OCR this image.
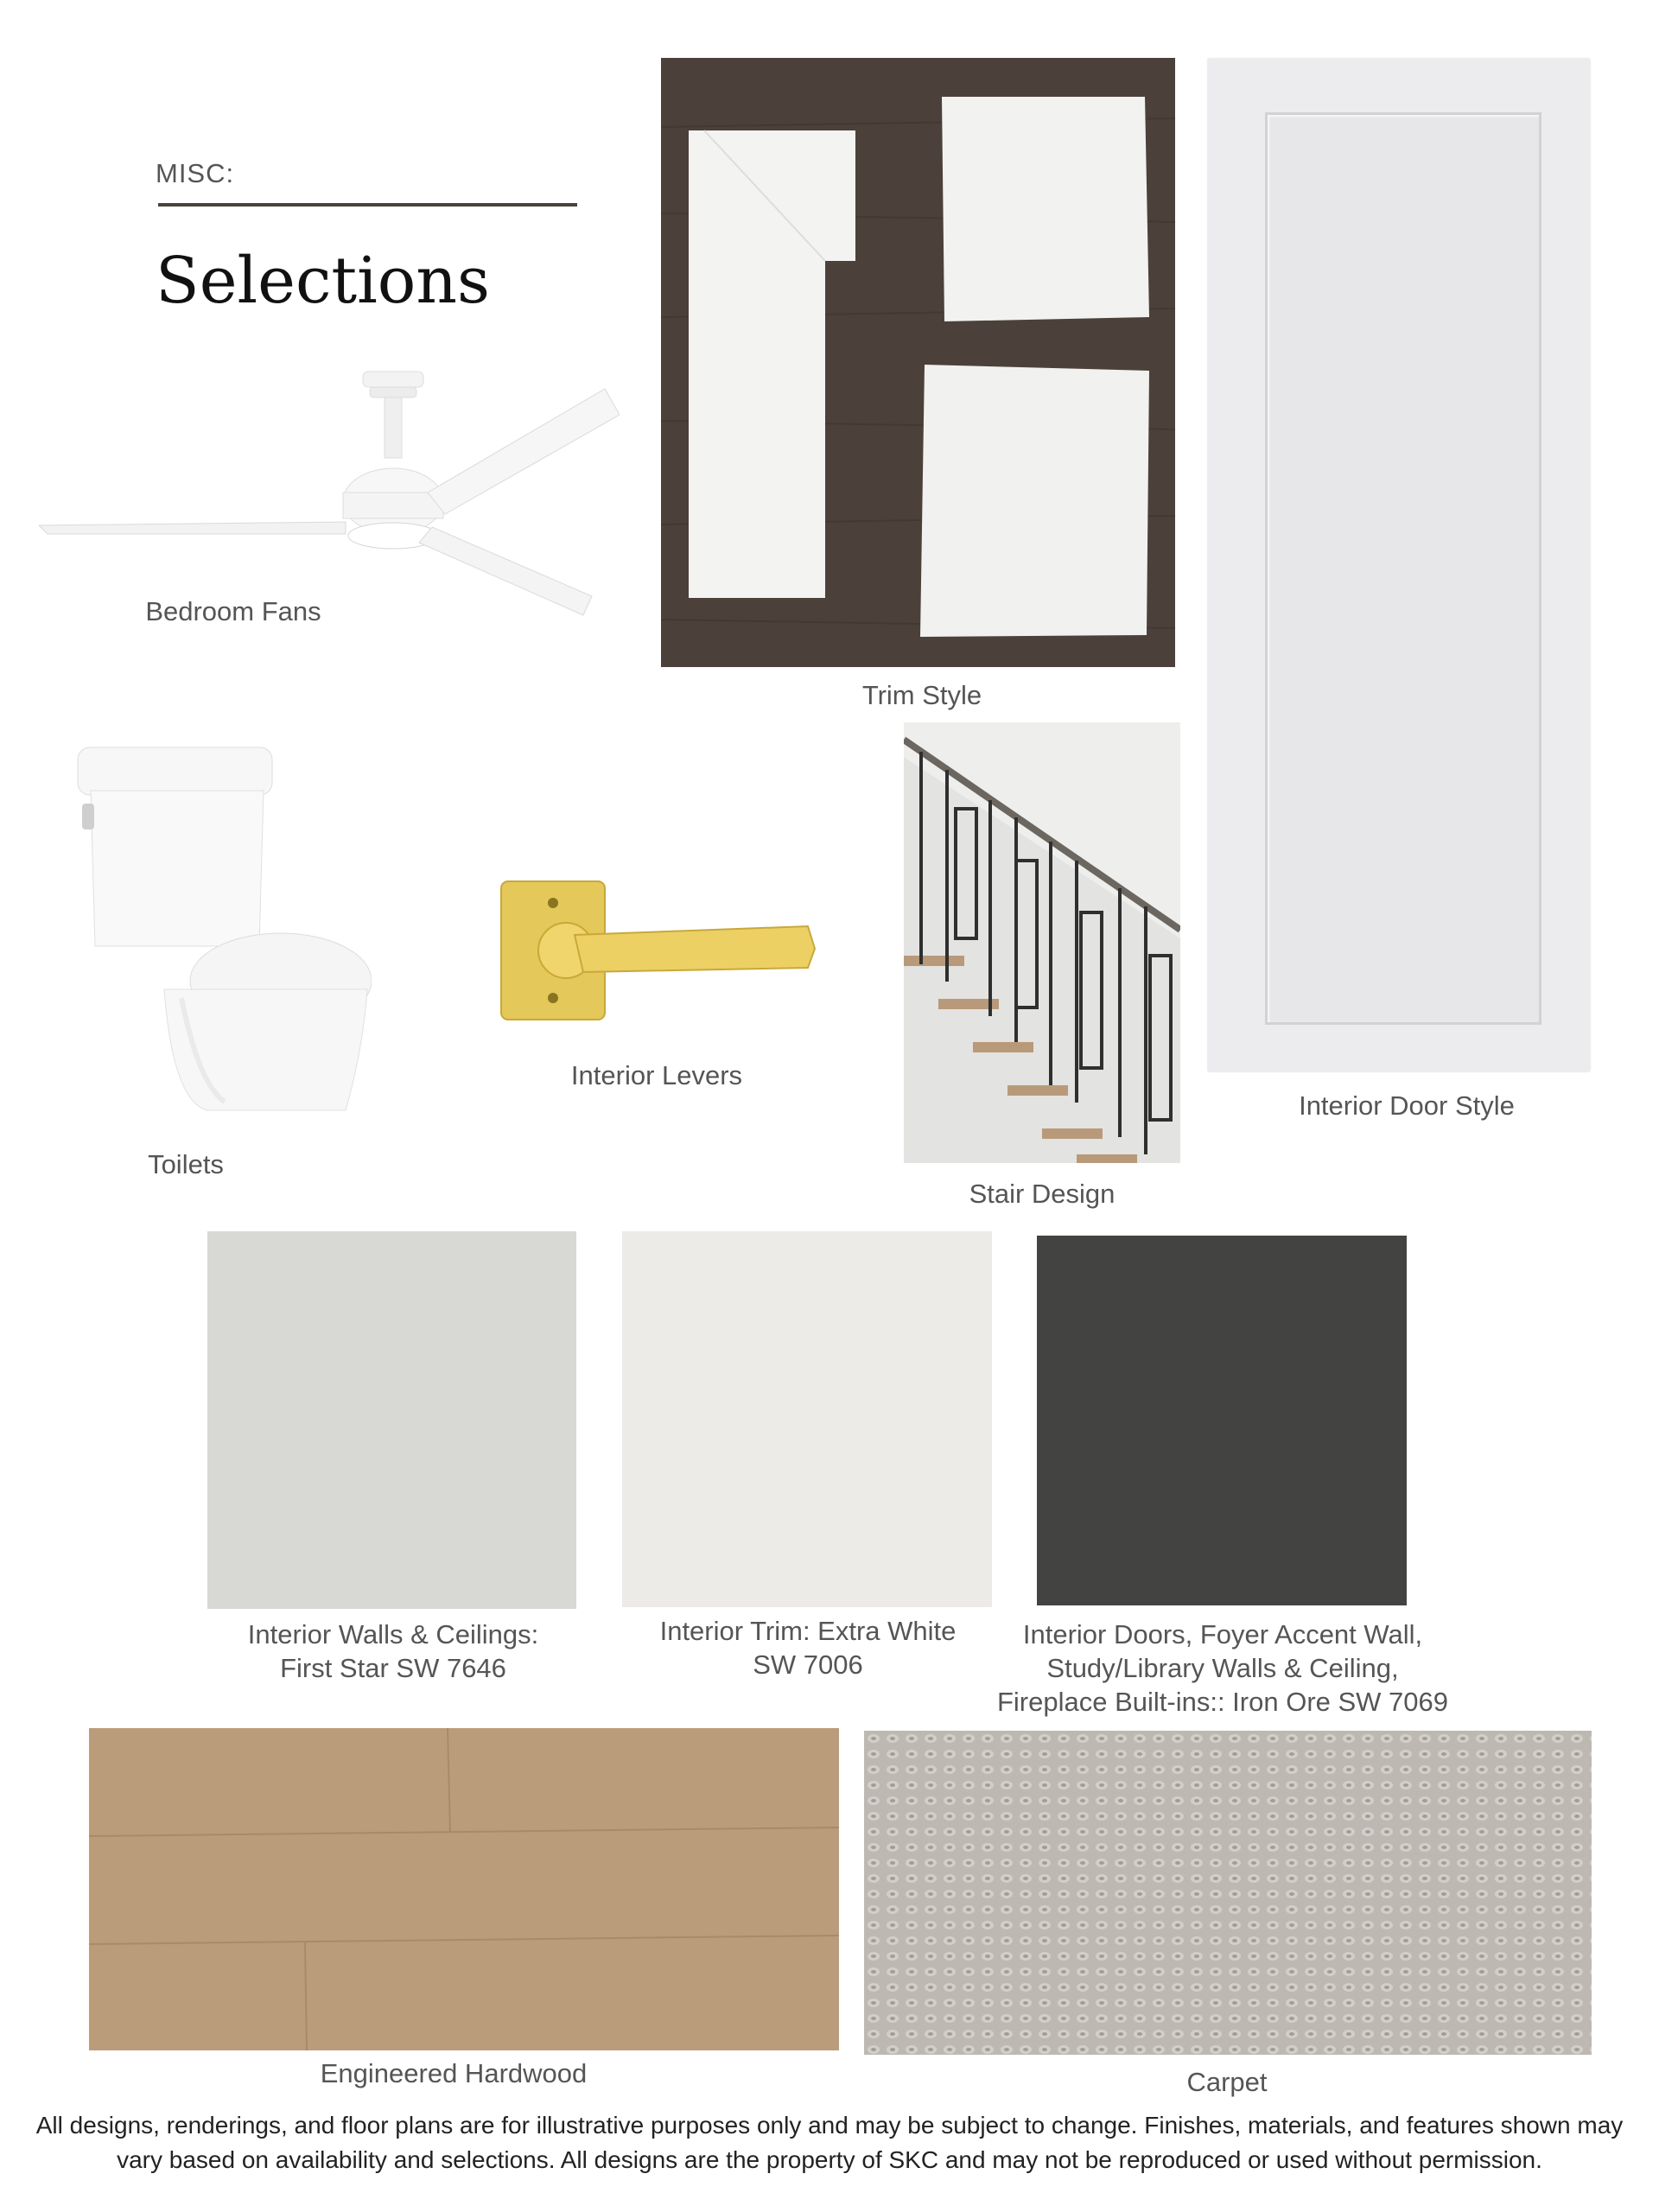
MISC:
Selections
Bedroom Fans
Trim Style
Interior Door Style
Toilets
Interior Levers
Stair Design
Interior Walls & Ceilings:
First Star SW 7646
Interior Trim: Extra White
SW 7006
Interior Doors, Foyer Accent Wall,
Study/Library Walls & Ceiling,
Fireplace Built-ins:: Iron Ore SW 7069
Engineered Hardwood	Carpet
All designs, renderings, and floor plans are for illustrative purposes only and may be subject to change. Finishes, materials, and features shown may
vary based on availability and selections. All designs are the property of SKC and may not be reproduced or used without permission.
